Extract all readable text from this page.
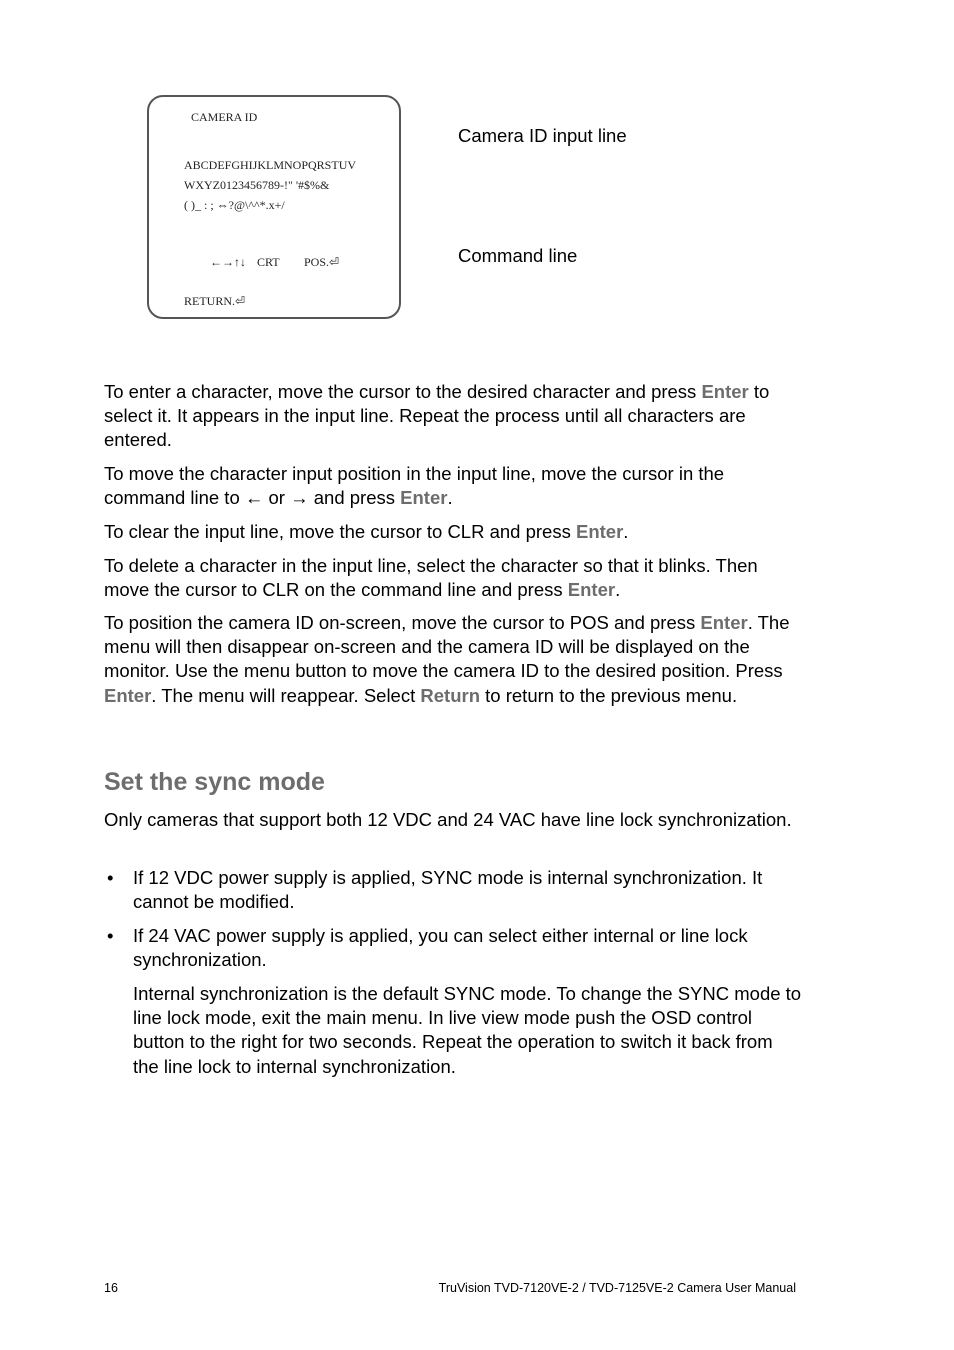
CAMERA ID
ABCDEFGHIJKLMNOPQRSTUV
WXYZ0123456789-!" '#$%&
( )_ : ; ⇔?@\^^*.x+/
←→↑↓ CRT POS.⏎
RETURN.⏎
Camera ID input line
Command line

To enter a character, move the cursor to the desired character and press Enter to select it. It appears in the input line. Repeat the process until all characters are entered.

To move the character input position in the input line, move the cursor in the command line to ← or → and press Enter.

To clear the input line, move the cursor to CLR and press Enter.

To delete a character in the input line, select the character so that it blinks. Then move the cursor to CLR on the command line and press Enter.

To position the camera ID on-screen, move the cursor to POS and press Enter. The menu will then disappear on-screen and the camera ID will be displayed on the monitor. Use the menu button to move the camera ID to the desired position. Press Enter. The menu will reappear. Select Return to return to the previous menu.

Set the sync mode

Only cameras that support both 12 VDC and 24 VAC have line lock synchronization.

• If 12 VDC power supply is applied, SYNC mode is internal synchronization. It cannot be modified.
• If 24 VAC power supply is applied, you can select either internal or line lock synchronization.

Internal synchronization is the default SYNC mode. To change the SYNC mode to line lock mode, exit the main menu. In live view mode push the OSD control button to the right for two seconds. Repeat the operation to switch it back from the line lock to internal synchronization.

16	TruVision TVD-7120VE-2 / TVD-7125VE-2 Camera User Manual
